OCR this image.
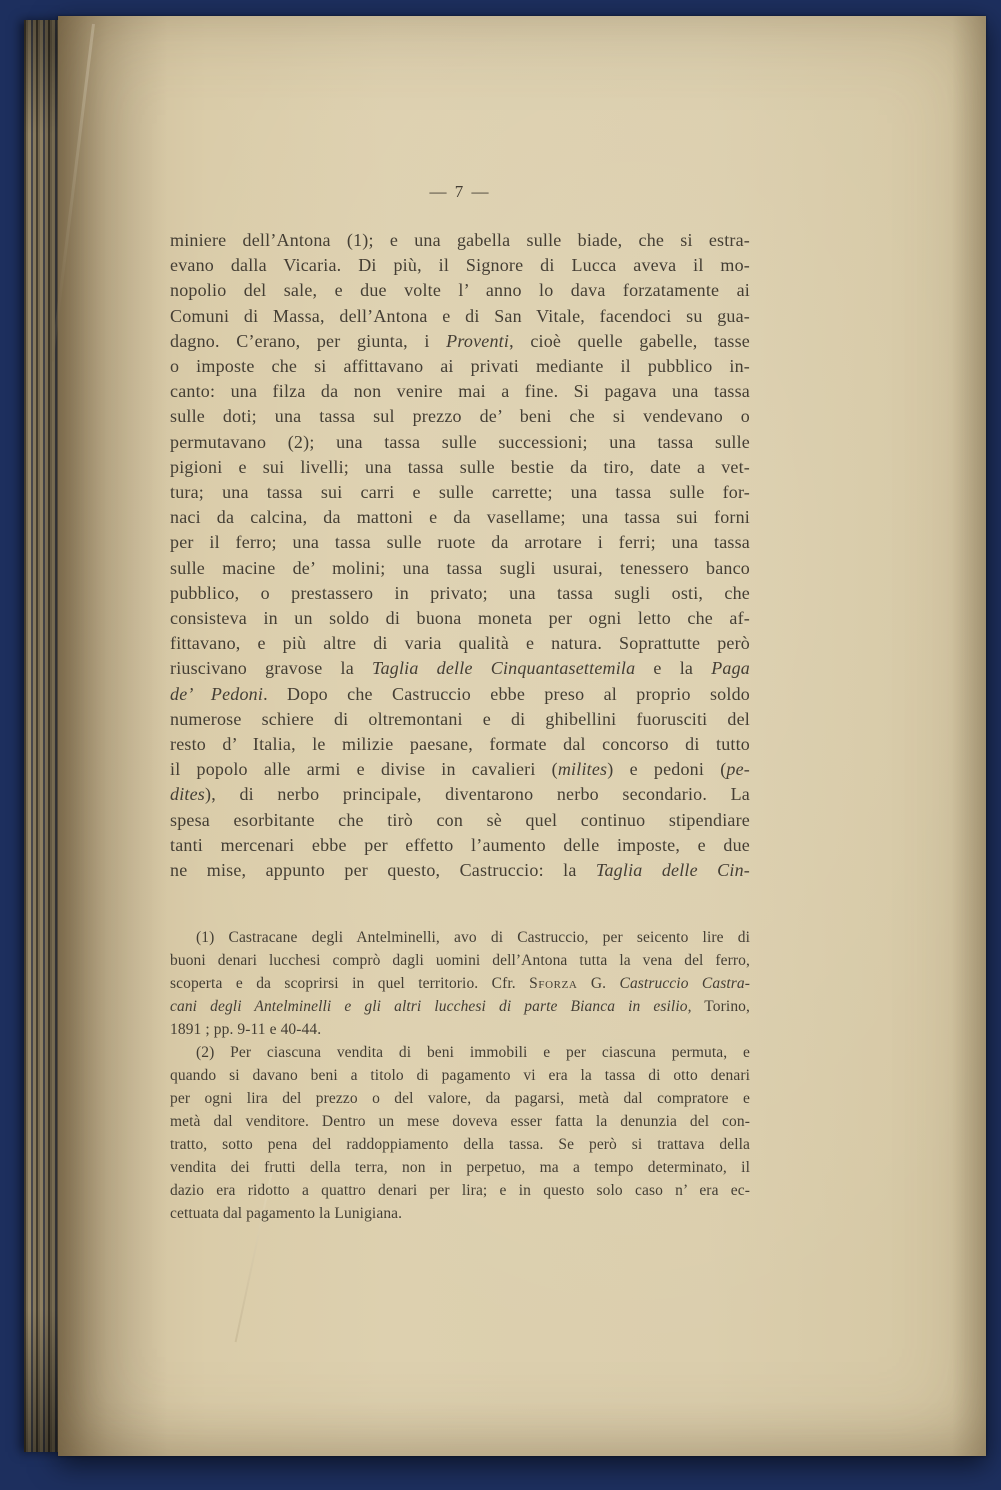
— 7 —
miniere dell’Antona (1); e una gabella sulle biade, che si estra-
evano dalla Vicaria. Di più, il Signore di Lucca aveva il mo-
nopolio del sale, e due volte l’ anno lo dava forzatamente ai
Comuni di Massa, dell’Antona e di San Vitale, facendoci su gua-
dagno. C’erano, per giunta, i Proventi, cioè quelle gabelle, tasse
o imposte che si affittavano ai privati mediante il pubblico in-
canto: una filza da non venire mai a fine. Si pagava una tassa
sulle doti; una tassa sul prezzo de’ beni che si vendevano o
permutavano (2); una tassa sulle successioni; una tassa sulle
pigioni e sui livelli; una tassa sulle bestie da tiro, date a vet-
tura; una tassa sui carri e sulle carrette; una tassa sulle for-
naci da calcina, da mattoni e da vasellame; una tassa sui forni
per il ferro; una tassa sulle ruote da arrotare i ferri; una tassa
sulle macine de’ molini; una tassa sugli usurai, tenessero banco
pubblico, o prestassero in privato; una tassa sugli osti, che
consisteva in un soldo di buona moneta per ogni letto che af-
fittavano, e più altre di varia qualità e natura. Soprattutte però
riuscivano gravose la Taglia delle Cinquantasettemila e la Paga
de’ Pedoni. Dopo che Castruccio ebbe preso al proprio soldo
numerose schiere di oltremontani e di ghibellini fuorusciti del
resto d’ Italia, le milizie paesane, formate dal concorso di tutto
il popolo alle armi e divise in cavalieri (milites) e pedoni (pe-
dites), di nerbo principale, diventarono nerbo secondario. La
spesa esorbitante che tirò con sè quel continuo stipendiare
tanti mercenari ebbe per effetto l’aumento delle imposte, e due
ne mise, appunto per questo, Castruccio: la Taglia delle Cin-
(1) Castracane degli Antelminelli, avo di Castruccio, per seicento lire di
buoni denari lucchesi comprò dagli uomini dell’Antona tutta la vena del ferro,
scoperta e da scoprirsi in quel territorio. Cfr. Sforza G. Castruccio Castra-
cani degli Antelminelli e gli altri lucchesi di parte Bianca in esilio, Torino,
1891 ; pp. 9-11 e 40-44.
(2) Per ciascuna vendita di beni immobili e per ciascuna permuta, e
quando si davano beni a titolo di pagamento vi era la tassa di otto denari
per ogni lira del prezzo o del valore, da pagarsi, metà dal compratore e
metà dal venditore. Dentro un mese doveva esser fatta la denunzia del con-
tratto, sotto pena del raddoppiamento della tassa. Se però si trattava della
vendita dei frutti della terra, non in perpetuo, ma a tempo determinato, il
dazio era ridotto a quattro denari per lira; e in questo solo caso n’ era ec-
cettuata dal pagamento la Lunigiana.
